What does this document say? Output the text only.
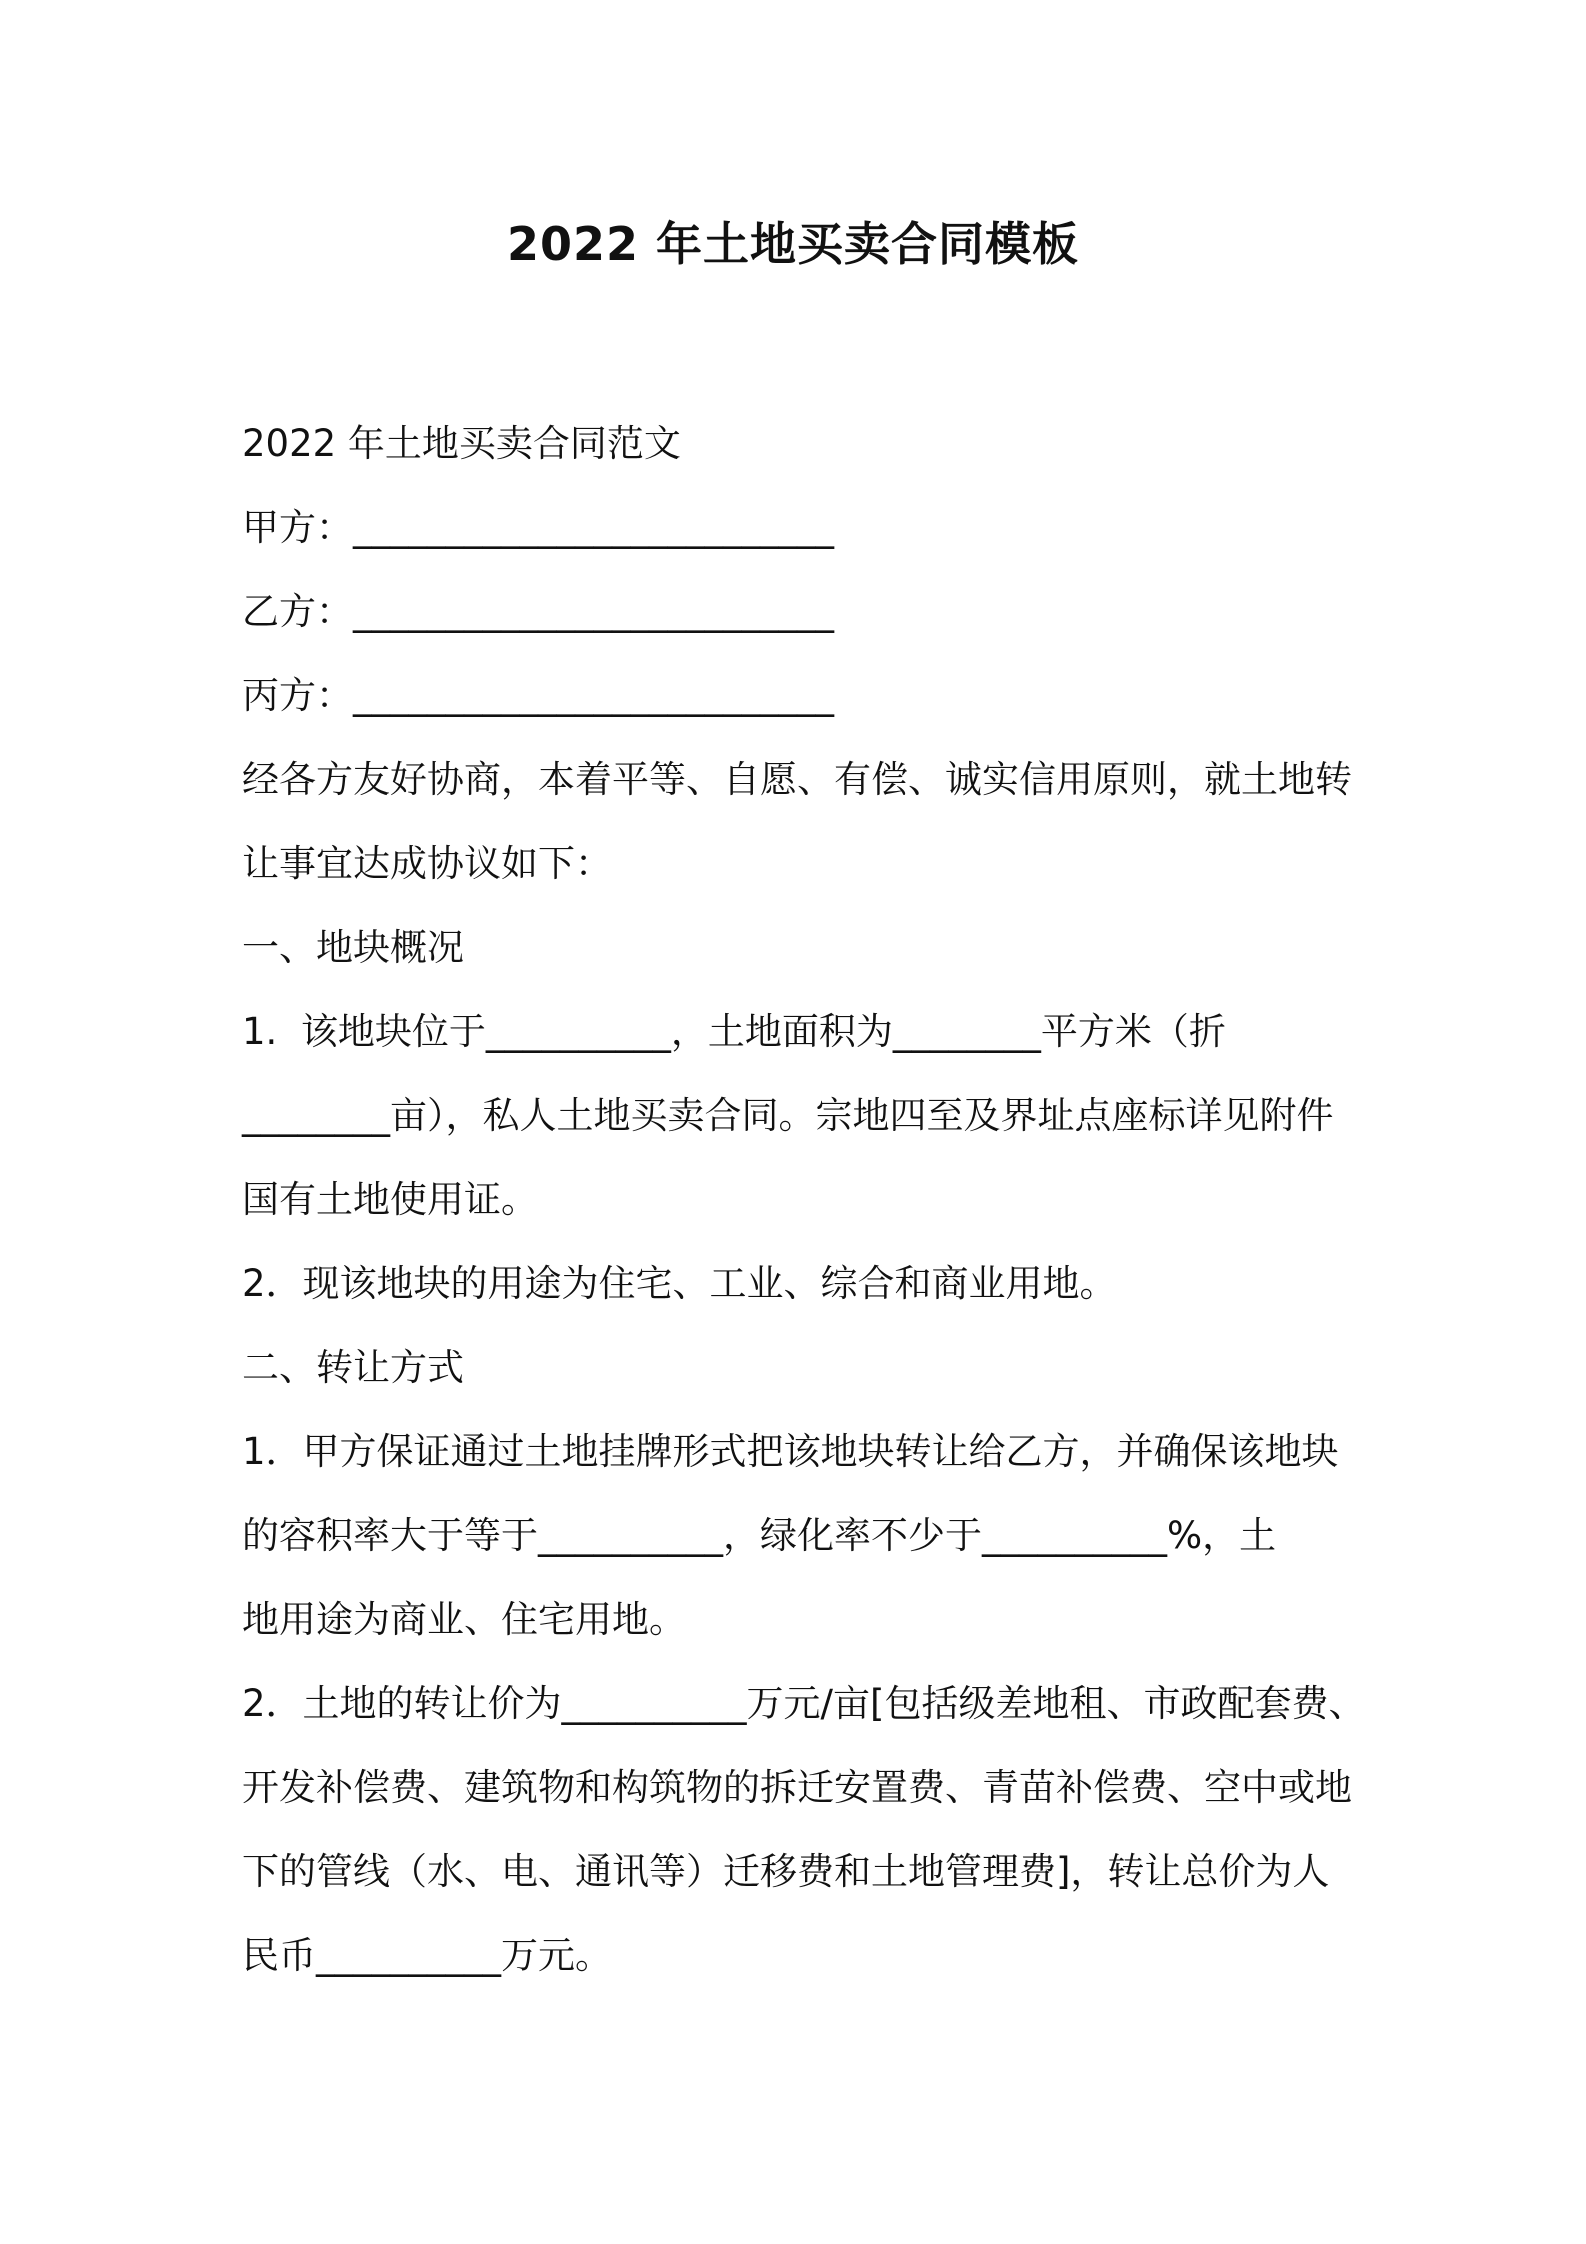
2022 年土地买卖合同模板

2022 年土地买卖合同范文

甲方：__________________________

乙方：__________________________

丙方：__________________________

经各方友好协商，本着平等、自愿、有偿、诚实信用原则，就土地转

让事宜达成协议如下：

一、地块概况

1.  该地块位于__________，土地面积为________平方米（折

________亩），私人土地买卖合同。宗地四至及界址点座标详见附件

国有土地使用证。

2．现该地块的用途为住宅、工业、综合和商业用地。

二、转让方式

1．甲方保证通过土地挂牌形式把该地块转让给乙方，并确保该地块

的容积率大于等于__________，绿化率不少于__________%，土

地用途为商业、住宅用地。

2．土地的转让价为__________万元/亩[包括级差地租、市政配套费、

开发补偿费、建筑物和构筑物的拆迁安置费、青苗补偿费、空中或地

下的管线（水、电、通讯等）迁移费和土地管理费]，转让总价为人

民币__________万元。
